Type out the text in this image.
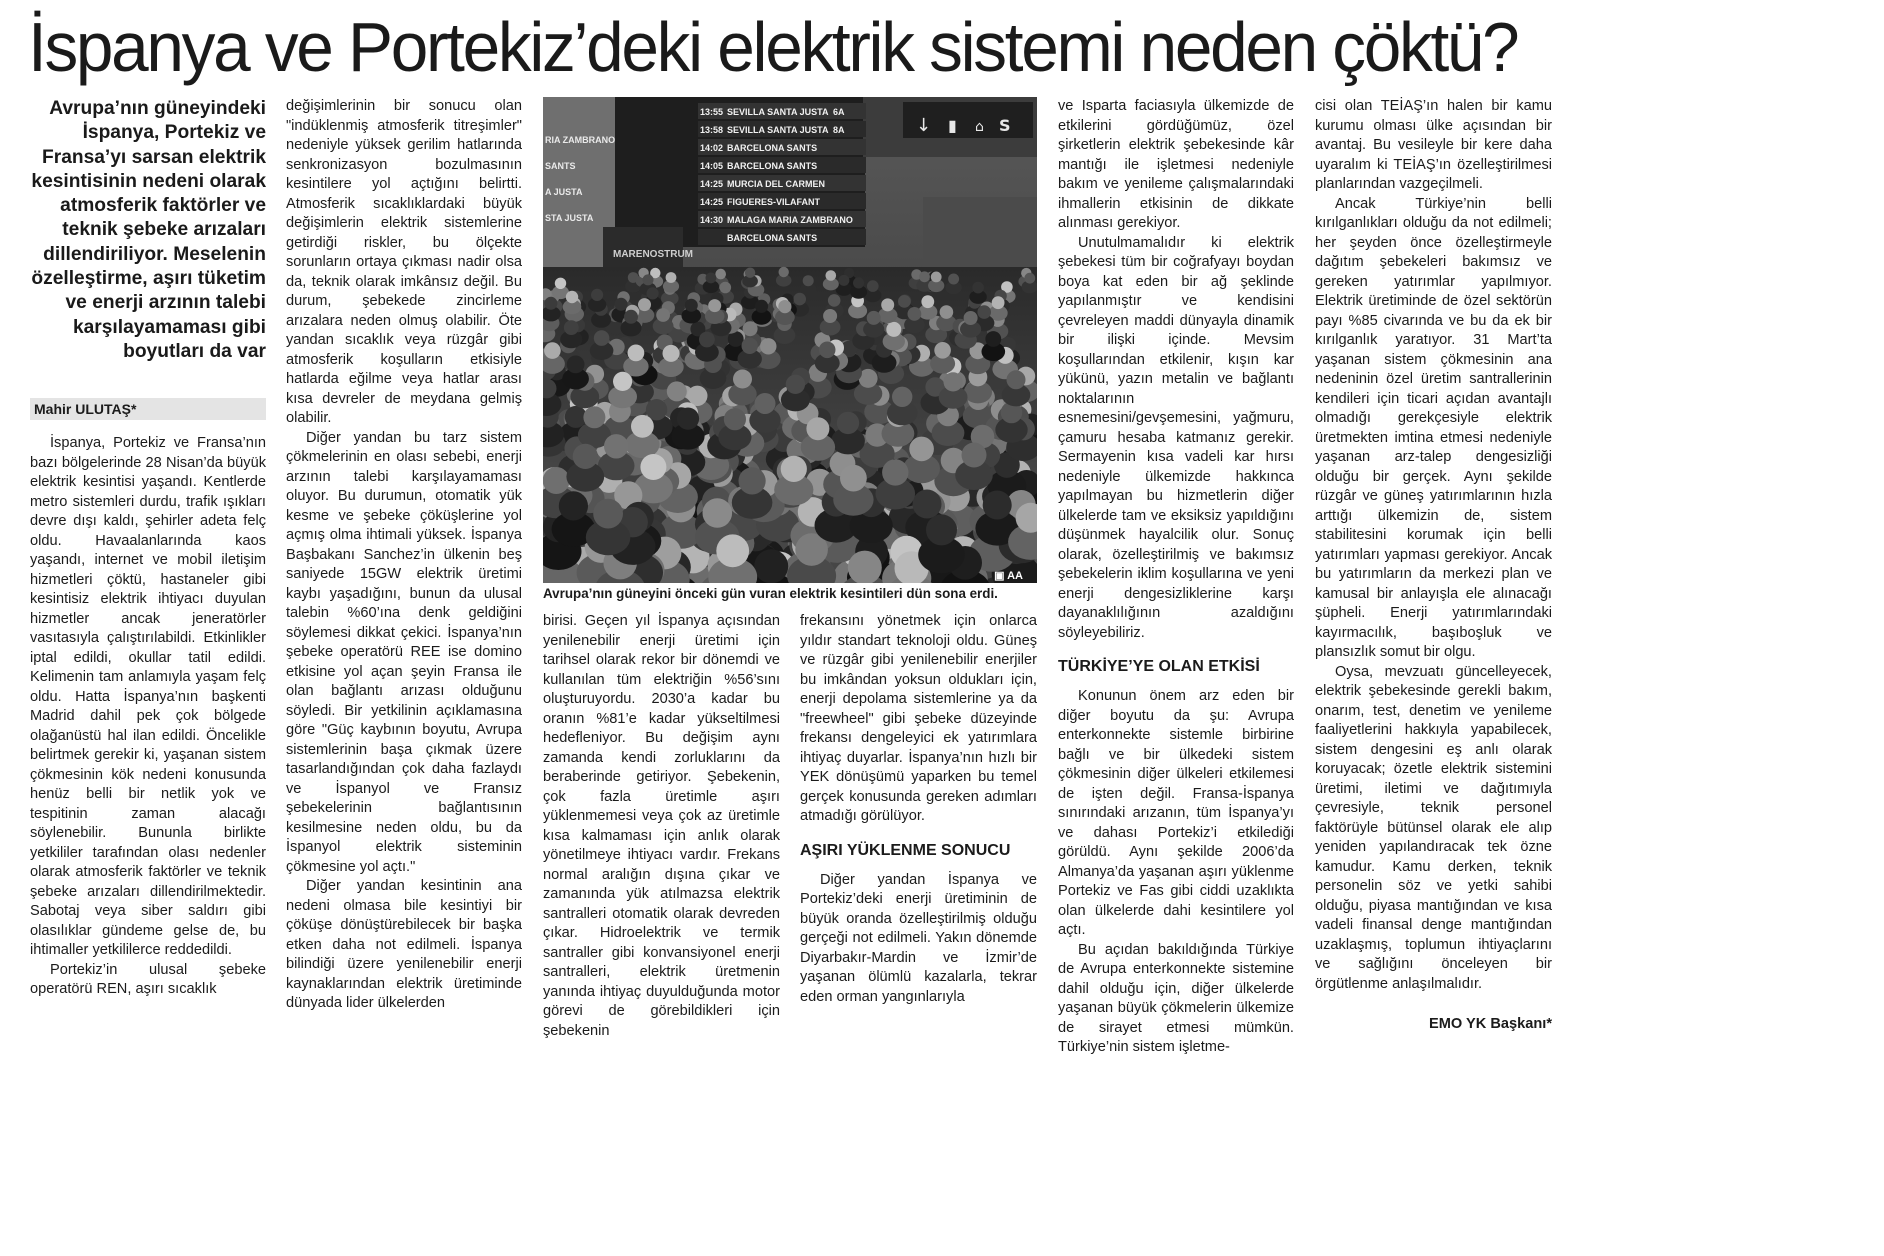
İspanya ve Portekiz’deki elektrik sistemi neden çöktü?

Avrupa’nın güneyindeki İspanya, Portekiz ve Fransa’yı sarsan elektrik kesintisinin nedeni olarak atmosferik faktörler ve teknik şebeke arızaları dillendiriliyor. Meselenin özelleştirme, aşırı tüketim ve enerji arzının talebi karşılayamaması gibi boyutları da var

Mahir ULUTAŞ*

İspanya, Portekiz ve Fransa’nın bazı bölgelerinde 28 Nisan’da büyük elektrik kesintisi yaşandı. Kentlerde metro sistemleri durdu, trafik ışıkları devre dışı kaldı, şehirler adeta felç oldu. Havaalanlarında kaos yaşandı, internet ve mobil iletişim hizmetleri çöktü, hastaneler gibi kesintisiz elektrik ihtiyacı duyulan hizmetler ancak jeneratörler vasıtasıyla çalıştırılabildi. Etkinlikler iptal edildi, okullar tatil edildi. Kelimenin tam anlamıyla yaşam felç oldu. Hatta İspanya’nın başkenti Madrid dahil pek çok bölgede olağanüstü hal ilan edildi. Öncelikle belirtmek gerekir ki, yaşanan sistem çökmesinin kök nedeni konusunda henüz belli bir netlik yok ve tespitinin zaman alacağı söylenebilir. Bununla birlikte yetkililer tarafından olası nedenler olarak atmosferik faktörler ve teknik şebeke arızaları dillendirilmektedir. Sabotaj veya siber saldırı gibi olasılıklar gündeme gelse de, bu ihtimaller yetkililerce reddedildi.

Portekiz’in ulusal şebeke operatörü REN, aşırı sıcaklık

değişimlerinin bir sonucu olan "indüklenmiş atmosferik titreşimler" nedeniyle yüksek gerilim hatlarında senkronizasyon bozulmasının kesintilere yol açtığını belirtti. Atmosferik sıcaklıklardaki büyük değişimlerin elektrik sistemlerine getirdiği riskler, bu ölçekte sorunların ortaya çıkması nadir olsa da, teknik olarak imkânsız değil. Bu durum, şebekede zincirleme arızalara neden olmuş olabilir. Öte yandan sıcaklık veya rüzgâr gibi atmosferik koşulların etkisiyle hatlarda eğilme veya hatlar arası kısa devreler de meydana gelmiş olabilir.

Diğer yandan bu tarz sistem çökmelerinin en olası sebebi, enerji arzının talebi karşılayamaması oluyor. Bu durumun, otomatik yük kesme ve şebeke çöküşlerine yol açmış olma ihtimali yüksek. İspanya Başbakanı Sanchez’in ülkenin beş saniyede 15GW elektrik üretimi kaybı yaşadığını, bunun da ulusal talebin %60’ına denk geldiğini söylemesi dikkat çekici. İspanya’nın şebeke operatörü REE ise domino etkisine yol açan şeyin Fransa ile olan bağlantı arızası olduğunu söyledi. Bir yetkilinin açıklamasına göre "Güç kaybının boyutu, Avrupa sistemlerinin başa çıkmak üzere tasarlandığından çok daha fazlaydı ve İspanyol ve Fransız şebekelerinin bağlantısının kesilmesine neden oldu, bu da İspanyol elektrik sisteminin çökmesine yol açtı."

Diğer yandan kesintinin ana nedeni olmasa bile kesintiyi bir çöküşe dönüştürebilecek bir başka etken daha not edilmeli. İspanya bilindiği üzere yenilenebilir enerji kaynaklarından elektrik üretiminde dünyada lider ülkelerden

RIA ZAMBRANO
SANTS
A JUSTA
STA JUSTA
13:55 SEVILLA SANTA JUSTA 6A
13:58 SEVILLA SANTA JUSTA 8A
14:02 BARCELONA SANTS
14:05 BARCELONA SANTS
14:25 MURCIA DEL CARMEN
14:25 FIGUERES-VILAFANT
14:30 MALAGA MARIA ZAMBRANO
BARCELONA SANTS
↓ ▮ ⌂ S
MARENOSTRUM
▣ AA

Avrupa’nın güneyini önceki gün vuran elektrik kesintileri dün sona erdi.

birisi. Geçen yıl İspanya açısından yenilenebilir enerji üretimi için tarihsel olarak rekor bir dönemdi ve kullanılan tüm elektriğin %56’sını oluşturuyordu. 2030’a kadar bu oranın %81’e kadar yükseltilmesi hedefleniyor. Bu değişim aynı zamanda kendi zorluklarını da beraberinde getiriyor. Şebekenin, çok fazla üretimle aşırı yüklenmemesi veya çok az üretimle kısa kalmaması için anlık olarak yönetilmeye ihtiyacı vardır. Frekans normal aralığın dışına çıkar ve zamanında yük atılmazsa elektrik santralleri otomatik olarak devreden çıkar. Hidroelektrik ve termik santraller gibi konvansiyonel enerji santralleri, elektrik üretmenin yanında ihtiyaç duyulduğunda motor görevi de görebildikleri için şebekenin

frekansını yönetmek için onlarca yıldır standart teknoloji oldu. Güneş ve rüzgâr gibi yenilenebilir enerjiler bu imkândan yoksun oldukları için, enerji depolama sistemlerine ya da "freewheel" gibi şebeke düzeyinde frekansı dengeleyici ek yatırımlara ihtiyaç duyarlar. İspanya’nın hızlı bir YEK dönüşümü yaparken bu temel gerçek konusunda gereken adımları atmadığı görülüyor.

AŞIRI YÜKLENME SONUCU

Diğer yandan İspanya ve Portekiz’deki enerji üretiminin de büyük oranda özelleştirilmiş olduğu gerçeği not edilmeli. Yakın dönemde Diyarbakır-Mardin ve İzmir’de yaşanan ölümlü kazalarla, tekrar eden orman yangınlarıyla

ve Isparta faciasıyla ülkemizde de etkilerini gördüğümüz, özel şirketlerin elektrik şebekesinde kâr mantığı ile işletmesi nedeniyle bakım ve yenileme çalışmalarındaki ihmallerin etkisinin de dikkate alınması gerekiyor.

Unutulmamalıdır ki elektrik şebekesi tüm bir coğrafyayı boydan boya kat eden bir ağ şeklinde yapılanmıştır ve kendisini çevreleyen maddi dünyayla dinamik bir ilişki içinde. Mevsim koşullarından etkilenir, kışın kar yükünü, yazın metalin ve bağlantı noktalarının esnemesini/gevşemesini, yağmuru, çamuru hesaba katmanız gerekir. Sermayenin kısa vadeli kar hırsı nedeniyle ülkemizde hakkınca yapılmayan bu hizmetlerin diğer ülkelerde tam ve eksiksiz yapıldığını düşünmek hayalcilik olur. Sonuç olarak, özelleştirilmiş ve bakımsız şebekelerin iklim koşullarına ve yeni enerji dengesizliklerine karşı dayanaklılığının azaldığını söyleyebiliriz.

TÜRKİYE’YE OLAN ETKİSİ

Konunun önem arz eden bir diğer boyutu da şu: Avrupa enterkonnekte sistemle birbirine bağlı ve bir ülkedeki sistem çökmesinin diğer ülkeleri etkilemesi de işten değil. Fransa-İspanya sınırındaki arızanın, tüm İspanya’yı ve dahası Portekiz’i etkilediği görüldü. Aynı şekilde 2006’da Almanya’da yaşanan aşırı yüklenme Portekiz ve Fas gibi ciddi uzaklıkta olan ülkelerde dahi kesintilere yol açtı.

Bu açıdan bakıldığında Türkiye de Avrupa enterkonnekte sistemine dahil olduğu için, diğer ülkelerde yaşanan büyük çökmelerin ülkemize de sirayet etmesi mümkün. Türkiye’nin sistem işletme-

cisi olan TEİAŞ’ın halen bir kamu kurumu olması ülke açısından bir avantaj. Bu vesileyle bir kere daha uyaralım ki TEİAŞ’ın özelleştirilmesi planlarından vazgeçilmeli.

Ancak Türkiye’nin belli kırılganlıkları olduğu da not edilmeli; her şeyden önce özelleştirmeyle dağıtım şebekeleri bakımsız ve gereken yatırımlar yapılmıyor. Elektrik üretiminde de özel sektörün payı %85 civarında ve bu da ek bir kırılganlık yaratıyor. 31 Mart’ta yaşanan sistem çökmesinin ana nedeninin özel üretim santrallerinin kendileri için ticari açıdan avantajlı olmadığı gerekçesiyle elektrik üretmekten imtina etmesi nedeniyle yaşanan arz-talep dengesizliği olduğu bir gerçek. Aynı şekilde rüzgâr ve güneş yatırımlarının hızla arttığı ülkemizin de, sistem stabilitesini korumak için belli yatırımları yapması gerekiyor. Ancak bu yatırımların da merkezi plan ve kamusal bir anlayışla ele alınacağı şüpheli. Enerji yatırımlarındaki kayırmacılık, başıboşluk ve plansızlık somut bir olgu.

Oysa, mevzuatı güncelleyecek, elektrik şebekesinde gerekli bakım, onarım, test, denetim ve yenileme faaliyetlerini hakkıyla yapabilecek, sistem dengesini eş anlı olarak koruyacak; özetle elektrik sistemini üretimi, iletimi ve dağıtımıyla çevresiyle, teknik personel faktörüyle bütünsel olarak ele alıp yeniden yapılandıracak tek özne kamudur. Kamu derken, teknik personelin söz ve yetki sahibi olduğu, piyasa mantığından ve kısa vadeli finansal denge mantığından uzaklaşmış, toplumun ihtiyaçlarını ve sağlığını önceleyen bir örgütlenme anlaşılmalıdır.

EMO YK Başkanı*
